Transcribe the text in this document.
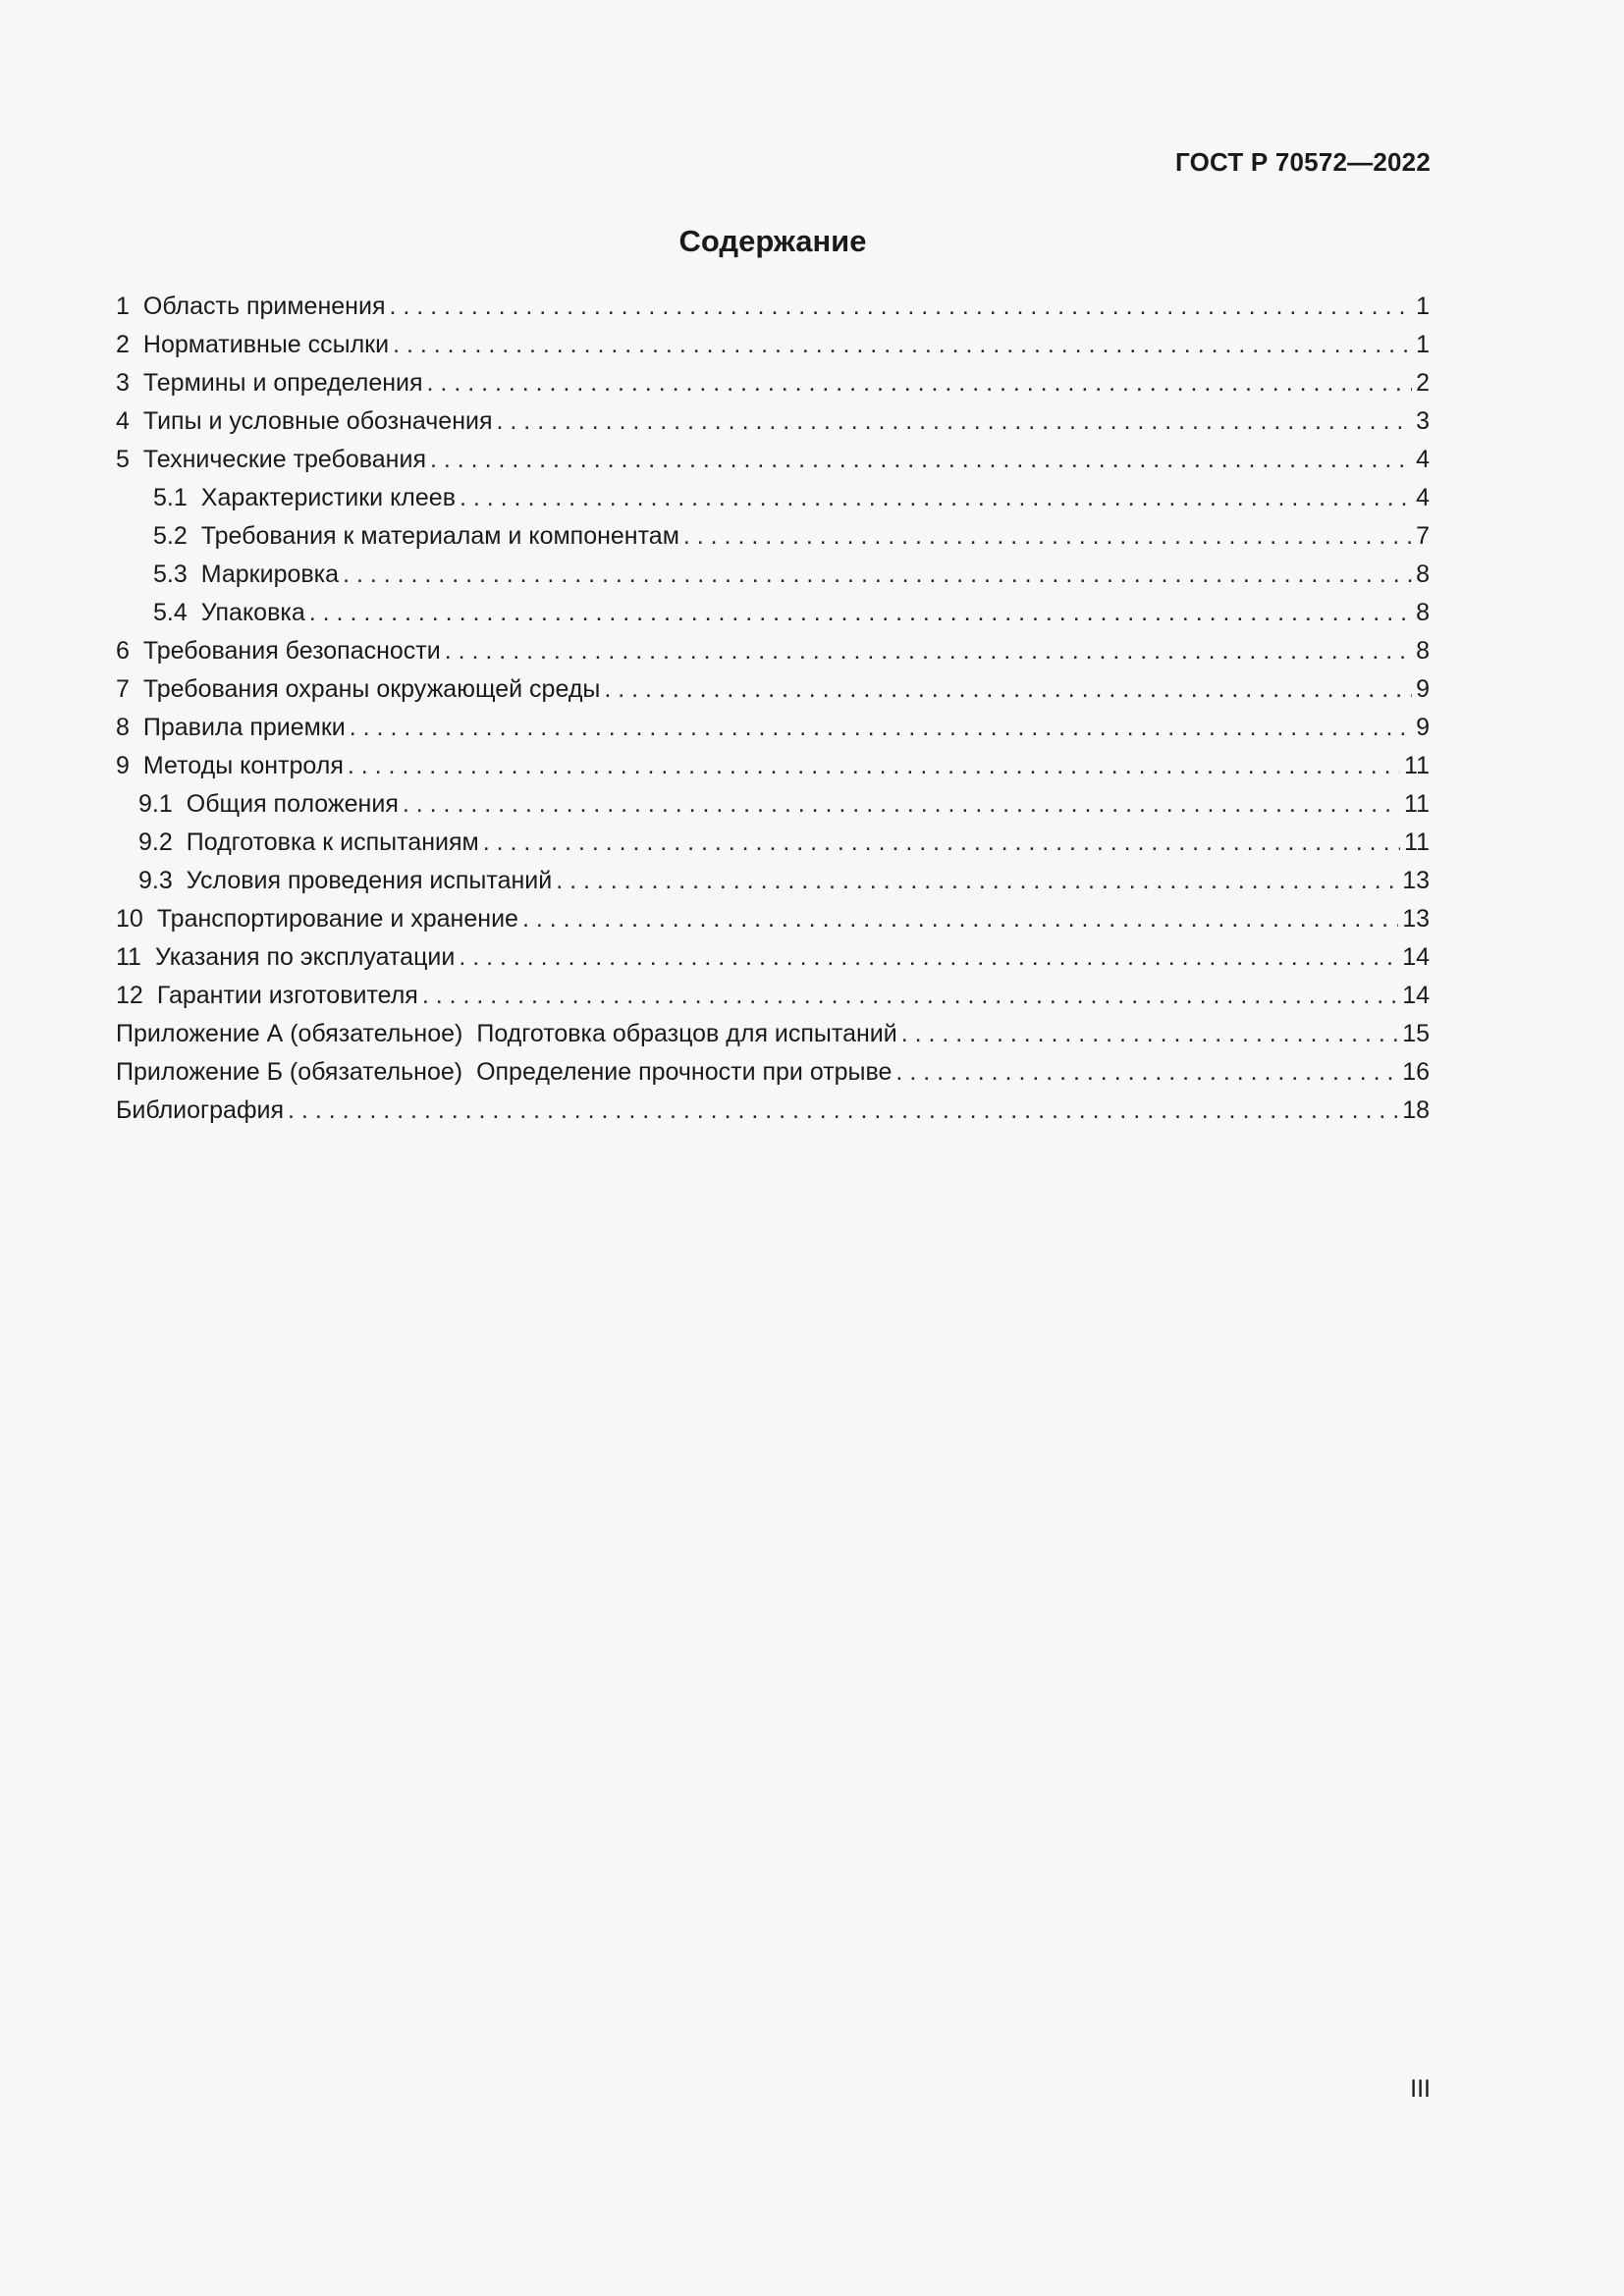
ГОСТ Р 70572—2022
Содержание
1 Область применения . . .	1
2 Нормативные ссылки . . .	1
3 Термины и определения . . .	2
4 Типы и условные обозначения . . .	3
5 Технические требования . . .	4
5.1 Характеристики клеев . . .	4
5.2 Требования к материалам и компонентам . . .	7
5.3 Маркировка . . .	8
5.4 Упаковка . . .	8
6 Требования безопасности . . .	8
7 Требования охраны окружающей среды . . .	9
8 Правила приемки . . .	9
9 Методы контроля . . .	11
9.1 Общия положения . . .	11
9.2 Подготовка к испытаниям . . .	11
9.3 Условия проведения испытаний . . .	13
10 Транспортирование и хранение . . .	13
11 Указания по эксплуатации . . .	14
12 Гарантии изготовителя . . .	14
Приложение А (обязательное) Подготовка образцов для испытаний . . .	15
Приложение Б (обязательное) Определение прочности при отрыве . . .	16
Библиография . . .	18
III
